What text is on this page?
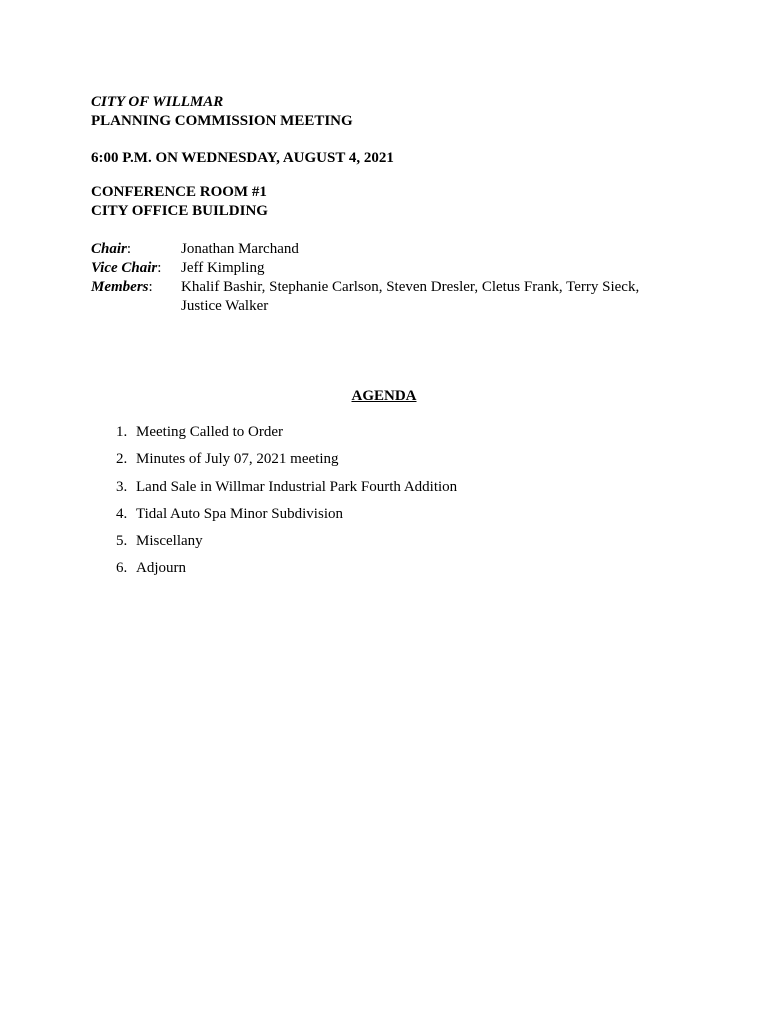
CITY OF WILLMAR
PLANNING COMMISSION MEETING
6:00 P.M. ON WEDNESDAY, AUGUST 4, 2021
CONFERENCE ROOM #1
CITY OFFICE BUILDING
Chair:	Jonathan Marchand
Vice Chair:	Jeff Kimpling
Members:	Khalif Bashir, Stephanie Carlson, Steven Dresler, Cletus Frank, Terry Sieck,
Justice Walker
AGENDA
1. Meeting Called to Order
2. Minutes of July 07, 2021 meeting
3. Land Sale in Willmar Industrial Park Fourth Addition
4. Tidal Auto Spa Minor Subdivision
5. Miscellany
6. Adjourn
